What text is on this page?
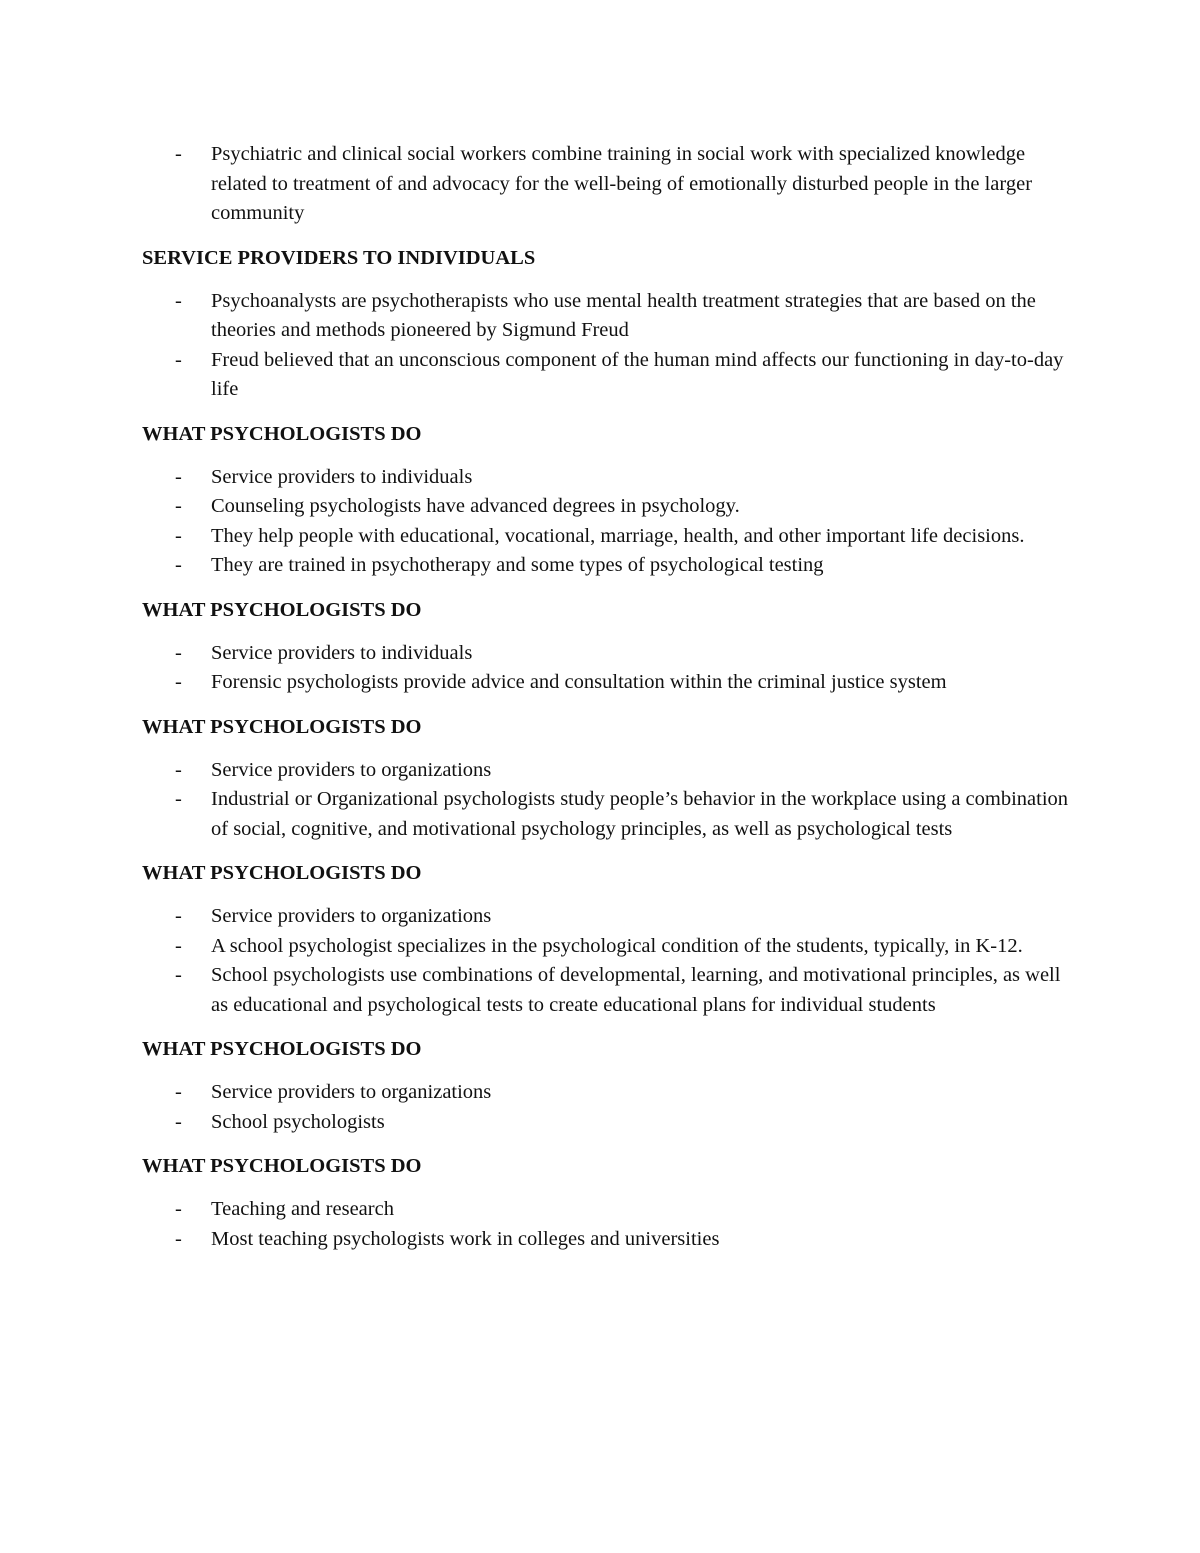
- Psychiatric and clinical social workers combine training in social work with specialized knowledge related to treatment of and advocacy for the well-being of emotionally disturbed people in the larger community
SERVICE PROVIDERS TO INDIVIDUALS
- Psychoanalysts are psychotherapists who use mental health treatment strategies that are based on the theories and methods pioneered by Sigmund Freud
- Freud believed that an unconscious component of the human mind affects our functioning in day-to-day life
WHAT PSYCHOLOGISTS DO
- Service providers to individuals
- Counseling psychologists have advanced degrees in psychology.
- They help people with educational, vocational, marriage, health, and other important life decisions.
- They are trained in psychotherapy and some types of psychological testing
WHAT PSYCHOLOGISTS DO
- Service providers to individuals
- Forensic psychologists provide advice and consultation within the criminal justice system
WHAT PSYCHOLOGISTS DO
- Service providers to organizations
- Industrial or Organizational psychologists study people’s behavior in the workplace using a combination of social, cognitive, and motivational psychology principles, as well as psychological tests
WHAT PSYCHOLOGISTS DO
- Service providers to organizations
- A school psychologist specializes in the psychological condition of the students, typically, in K-12.
- School psychologists use combinations of developmental, learning, and motivational principles, as well as educational and psychological tests to create educational plans for individual students
WHAT PSYCHOLOGISTS DO
- Service providers to organizations
- School psychologists
WHAT PSYCHOLOGISTS DO
- Teaching and research
- Most teaching psychologists work in colleges and universities
